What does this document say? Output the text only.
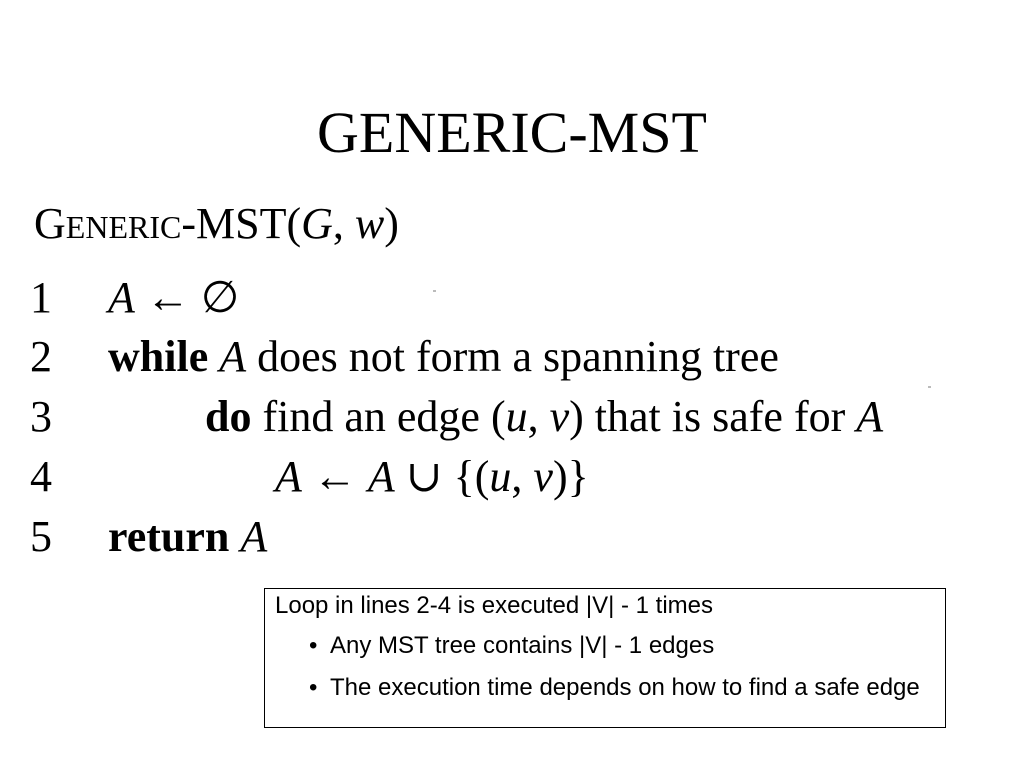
GENERIC-MST
GENERIC-MST(G, w)
1	A ← ∅
2	while A does not form a spanning tree
3	do find an edge (u, v) that is safe for A
4	A ← A ∪ {(u, v)}
5	return A
Loop in lines 2-4 is executed |V| - 1 times
• Any MST tree contains |V| - 1 edges
• The execution time depends on how to find a safe edge
